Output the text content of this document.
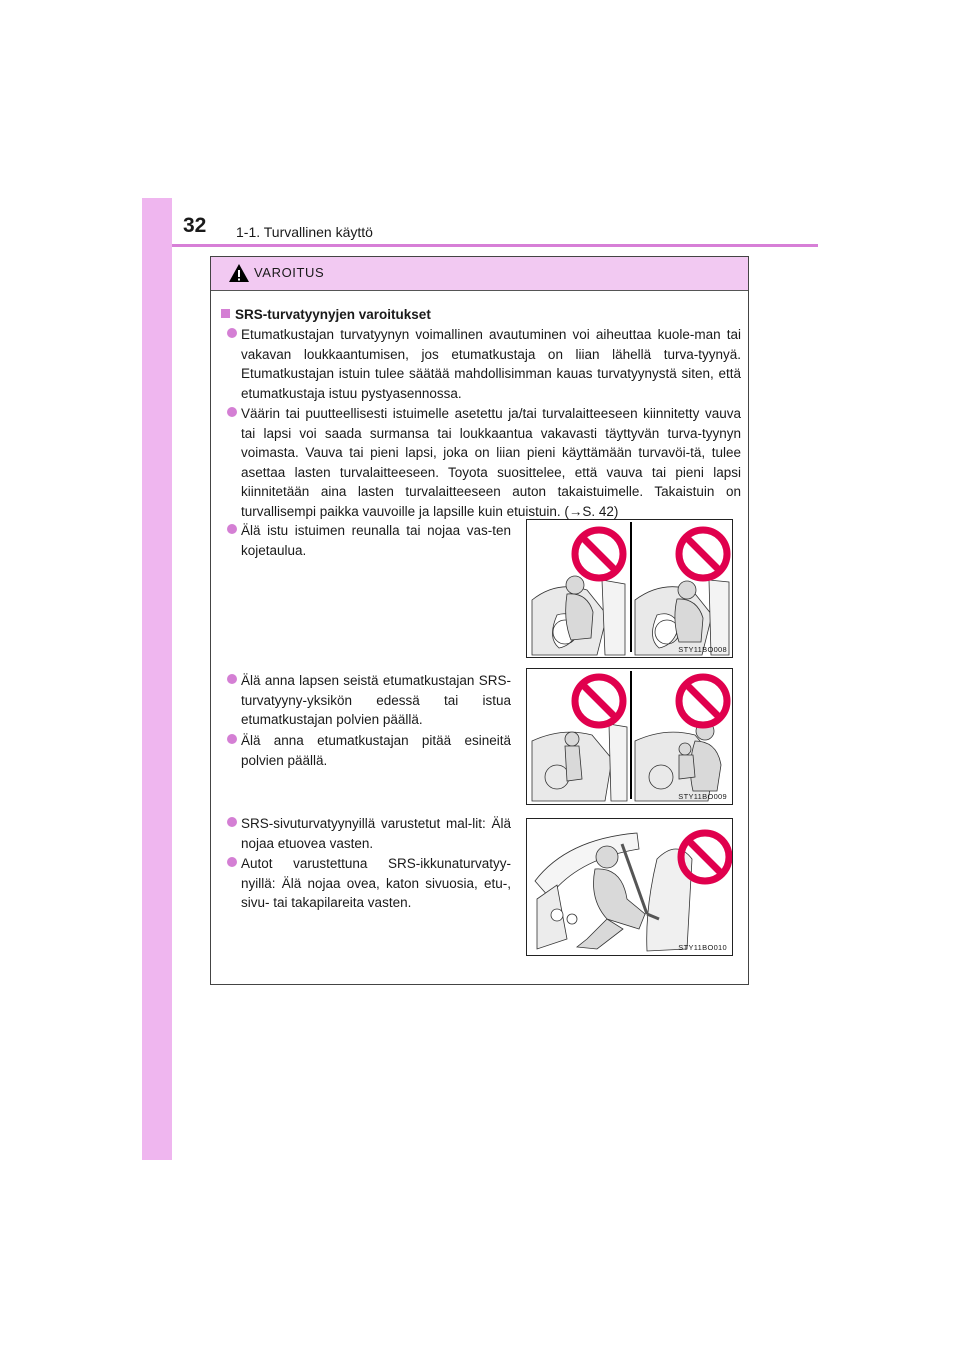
32 1-1. Turvallinen käyttö
VAROITUS
SRS-turvatyynyjen varoitukset
Etumatkustajan turvatyynyn voimallinen avautuminen voi aiheuttaa kuole-man tai vakavan loukkaantumisen, jos etumatkustaja on liian lähellä turva-tyynyä. Etumatkustajan istuin tulee säätää mahdollisimman kauas turvatyynystä siten, että etumatkustaja istuu pystyasennossa.
Väärin tai puutteellisesti istuimelle asetettu ja/tai turvalaitteeseen kiinnitetty vauva tai lapsi voi saada surmansa tai loukkaantua vakavasti täyttyvän turva-tyynyn voimasta. Vauva tai pieni lapsi, joka on liian pieni käyttämään turvavöi-tä, tulee asettaa lasten turvalaitteeseen. Toyota suosittelee, että vauva tai pieni lapsi kiinnitetään aina lasten turvalaitteeseen auton takaistuimelle. Takaistuin on turvallisempi paikka vauvoille ja lapsille kuin etuistuin. (→S. 42)
Älä istu istuimen reunalla tai nojaa vas-ten kojetaulua.
Älä anna lapsen seistä etumatkustajan SRS-turvatyyny-yksikön edessä tai istua etumatkustajan polvien päällä.
Älä anna etumatkustajan pitää esineitä polvien päällä.
SRS-sivuturvatyynyillä varustetut mal-lit: Älä nojaa etuovea vasten.
Autot varustettuna SRS-ikkunaturvatyy-nyillä: Älä nojaa ovea, katon sivuosia, etu-, sivu- tai takapilareita vasten.
STY11BO008
STY11BO009
STY11BO010
